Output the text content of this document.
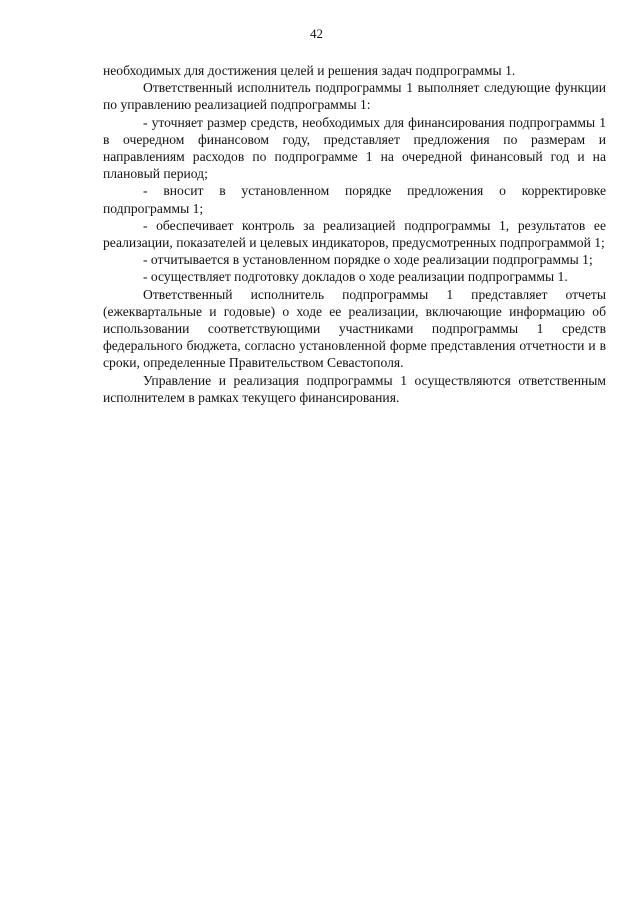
42

необходимых для достижения целей и решения задач подпрограммы 1.

Ответственный исполнитель подпрограммы 1 выполняет следующие функции по управлению реализацией подпрограммы 1:

- уточняет размер средств, необходимых для финансирования подпрограммы 1 в очередном финансовом году, представляет предложения по размерам и направлениям расходов по подпрограмме 1 на очередной финансовый год и на плановый период;

- вносит в установленном порядке предложения о корректировке подпрограммы 1;

- обеспечивает контроль за реализацией подпрограммы 1, результатов ее реализации, показателей и целевых индикаторов, предусмотренных подпрограммой 1;

- отчитывается в установленном порядке о ходе реализации подпрограммы 1;

- осуществляет подготовку докладов о ходе реализации подпрограммы 1.

Ответственный исполнитель подпрограммы 1 представляет отчеты (ежеквартальные и годовые) о ходе ее реализации, включающие информацию об использовании соответствующими участниками подпрограммы 1 средств федерального бюджета, согласно установленной форме представления отчетности и в сроки, определенные Правительством Севастополя.

Управление и реализация подпрограммы 1 осуществляются ответственным исполнителем в рамках текущего финансирования.
